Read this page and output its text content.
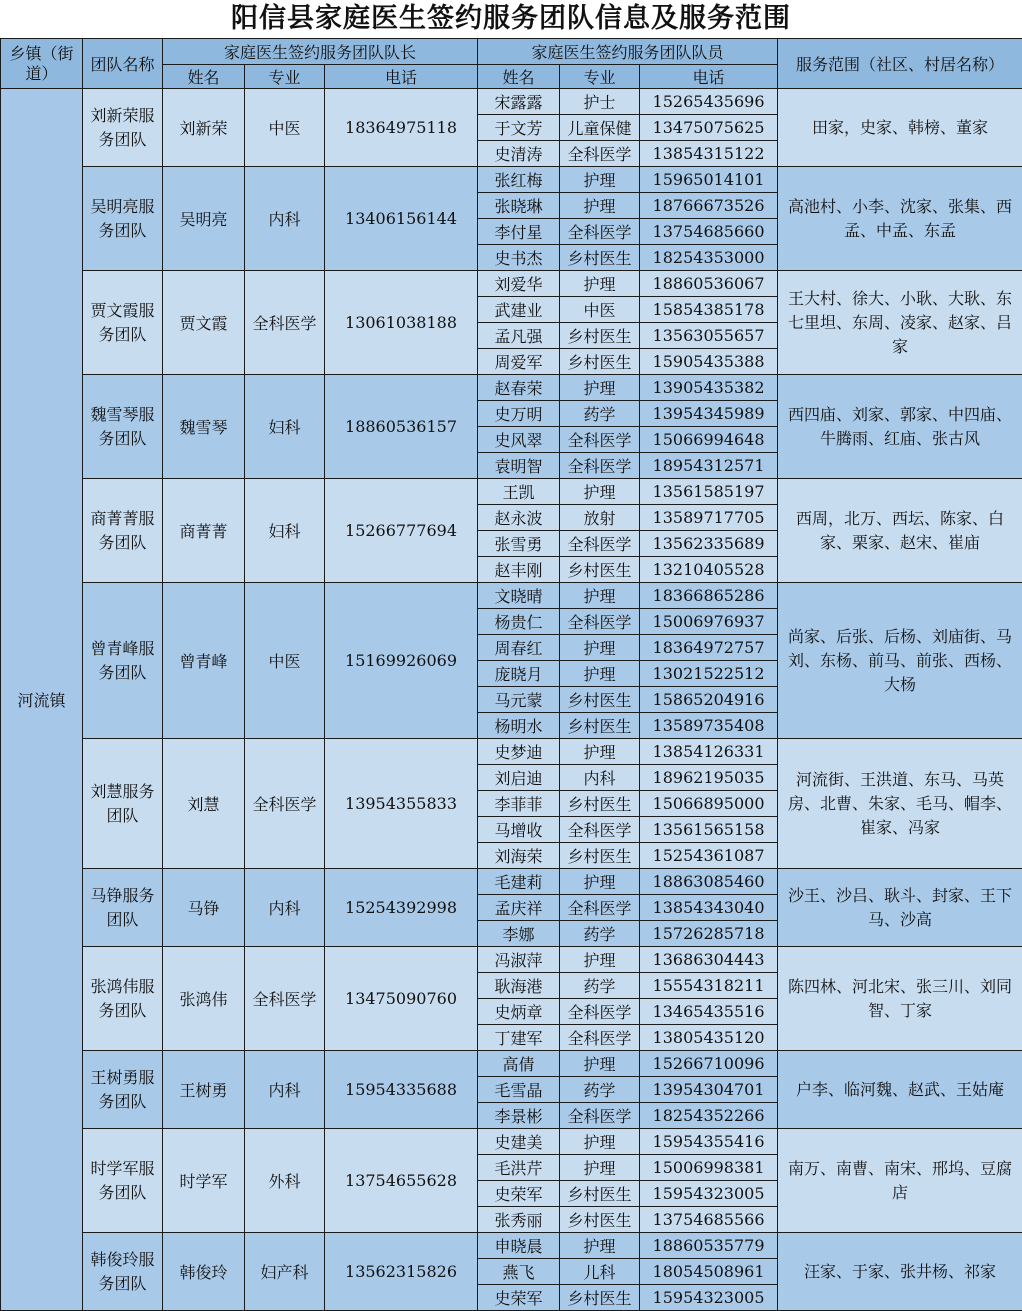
阳信县家庭医生签约服务团队信息及服务范围
乡镇（街道）	团队名称	家庭医生签约服务团队队长			家庭医生签约服务团队队员			服务范围（社区、村居名称）
		姓名	专业	电话	姓名	专业	电话	
河流镇	刘新荣服务团队	刘新荣	中医	18364975118	宋露露	护士	15265435696	田家，史家、韩榜、董家
					于文芳	儿童保健	13475075625	
					史清涛	全科医学	13854315122	
	吴明亮服务团队	吴明亮	内科	13406156144	张红梅	护理	15965014101	高池村、小李、沈家、张集、西孟、中孟、东孟
					张晓琳	护理	18766673526	
					李付星	全科医学	13754685660	
					史书杰	乡村医生	18254353000	
	贾文霞服务团队	贾文霞	全科医学	13061038188	刘爱华	护理	18860536067	王大村、徐大、小耿、大耿、东七里坦、东周、凌家、赵家、吕家
					武建业	中医	15854385178	
					孟凡强	乡村医生	13563055657	
					周爱军	乡村医生	15905435388	
	魏雪琴服务团队	魏雪琴	妇科	18860536157	赵春荣	护理	13905435382	西四庙、刘家、郭家、中四庙、牛腾雨、红庙、张古风
					史万明	药学	13954345989	
					史风翠	全科医学	15066994648	
					袁明智	全科医学	18954312571	
	商菁菁服务团队	商菁菁	妇科	15266777694	王凯	护理	13561585197	西周，北万、西坛、陈家、白家、栗家、赵宋、崔庙
					赵永波	放射	13589717705	
					张雪勇	全科医学	13562335689	
					赵丰刚	乡村医生	13210405528	
	曾青峰服务团队	曾青峰	中医	15169926069	文晓晴	护理	18366865286	尚家、后张、后杨、刘庙街、马刘、东杨、前马、前张、西杨、大杨
					杨贵仁	全科医学	15006976937	
					周春红	护理	18364972757	
					庞晓月	护理	13021522512	
					马元蒙	乡村医生	15865204916	
					杨明水	乡村医生	13589735408	
	刘慧服务团队	刘慧	全科医学	13954355833	史梦迪	护理	13854126331	河流街、王洪道、东马、马英房、北曹、朱家、毛马、帽李、崔家、冯家
					刘启迪	内科	18962195035	
					李菲菲	乡村医生	15066895000	
					马增收	全科医学	13561565158	
					刘海荣	乡村医生	15254361087	
	马铮服务团队	马铮	内科	15254392998	毛建莉	护理	18863085460	沙王、沙吕、耿斗、封家、王下马、沙高
					孟庆祥	全科医学	13854343040	
					李娜	药学	15726285718	
	张鸿伟服务团队	张鸿伟	全科医学	13475090760	冯淑萍	护理	13686304443	陈四林、河北宋、张三川、刘同智、丁家
					耿海港	药学	15554318211	
					史炳章	全科医学	13465435516	
					丁建军	全科医学	13805435120	
	王树勇服务团队	王树勇	内科	15954335688	高倩	护理	15266710096	户李、临河魏、赵武、王姑庵
					毛雪晶	药学	13954304701	
					李景彬	全科医学	18254352266	
	时学军服务团队	时学军	外科	13754655628	史建美	护理	15954355416	南万、南曹、南宋、邢坞、豆腐店
					毛洪芹	护理	15006998381	
					史荣军	乡村医生	15954323005	
					张秀丽	乡村医生	13754685566	
	韩俊玲服务团队	韩俊玲	妇产科	13562315826	申晓晨	护理	18860535779	汪家、于家、张井杨、祁家
					燕飞	儿科	18054508961	
					史荣军	乡村医生	15954323005	
